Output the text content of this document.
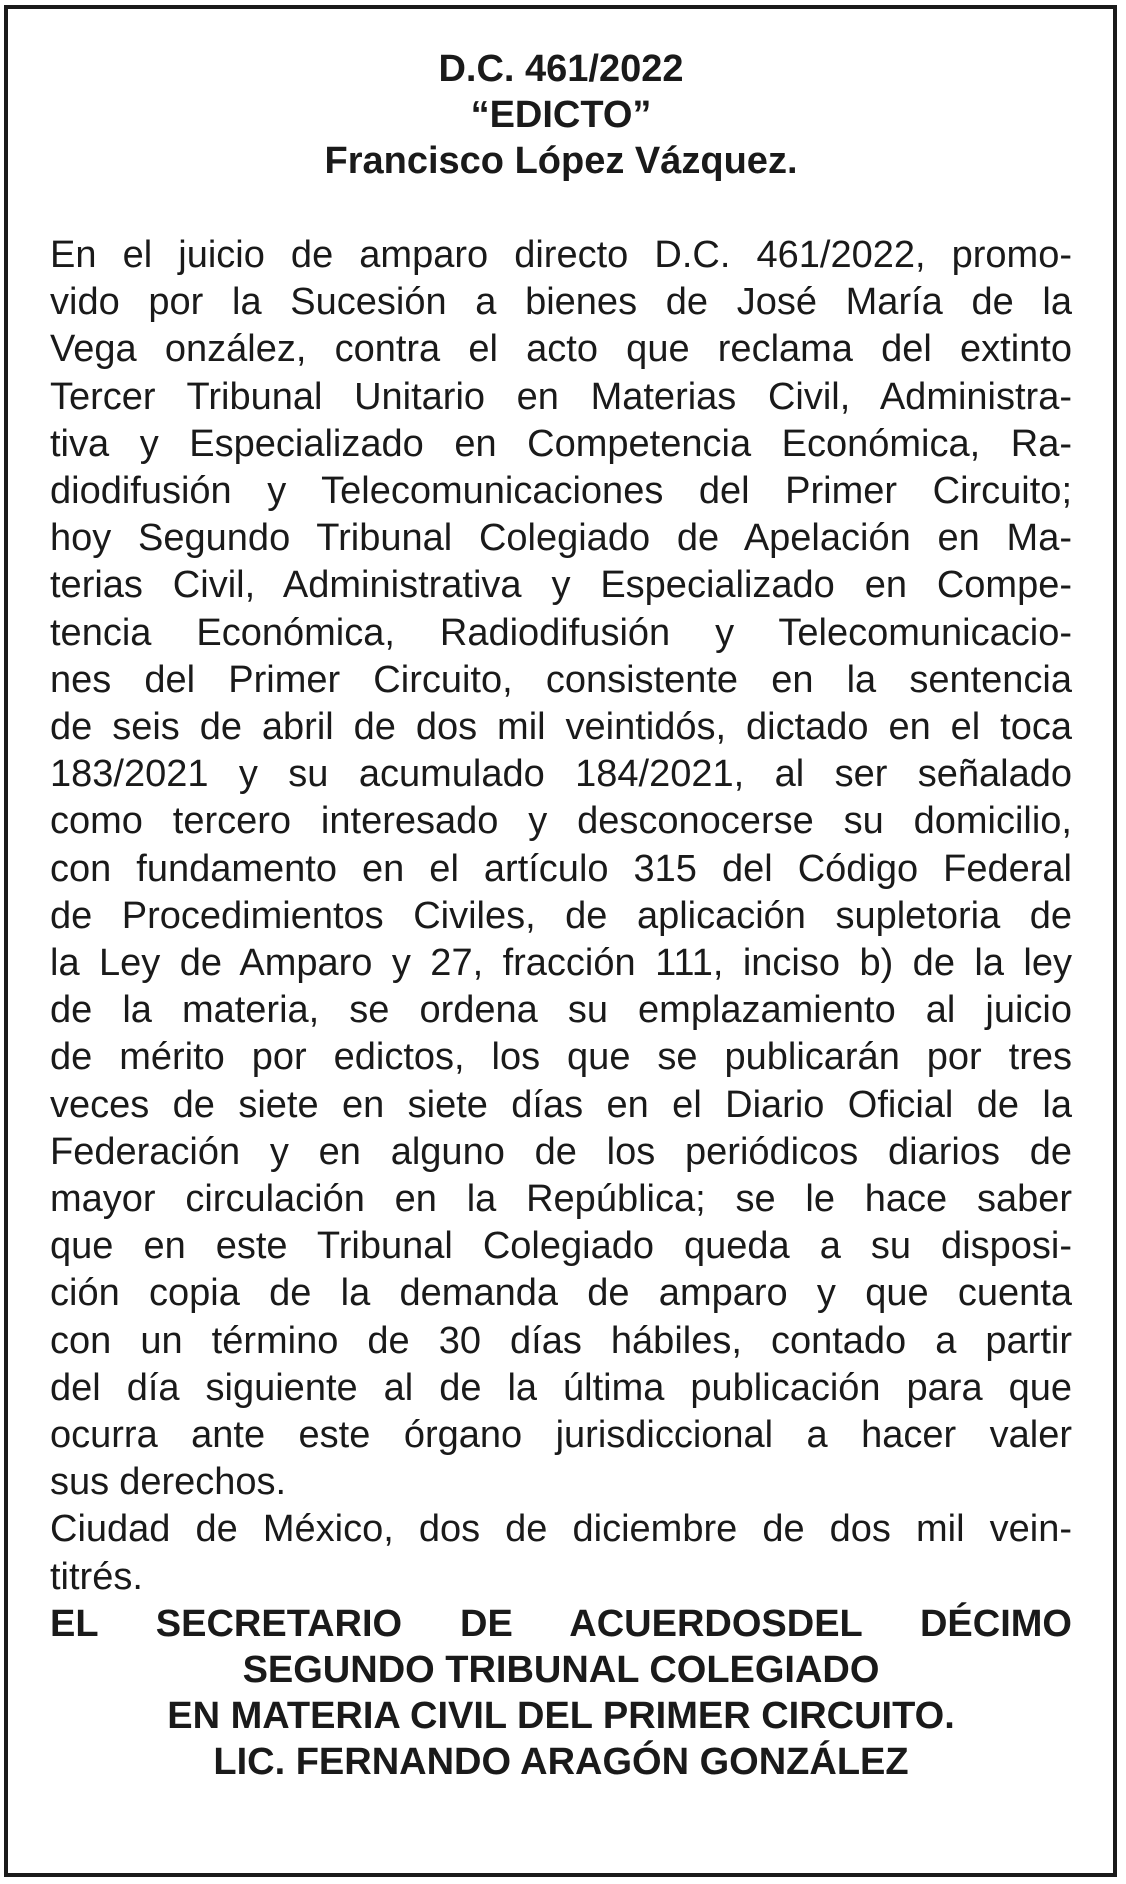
D.C. 461/2022
“EDICTO”
Francisco López Vázquez.
En el juicio de amparo directo D.C. 461/2022, promo-
vido por la Sucesión a bienes de José María de la
Vega onzález, contra el acto que reclama del extinto
Tercer Tribunal Unitario en Materias Civil, Administra-
tiva y Especializado en Competencia Económica, Ra-
diodifusión y Telecomunicaciones del Primer Circuito;
hoy Segundo Tribunal Colegiado de Apelación en Ma-
terias Civil, Administrativa y Especializado en Compe-
tencia Económica, Radiodifusión y Telecomunicacio-
nes del Primer Circuito, consistente en la sentencia
de seis de abril de dos mil veintidós, dictado en el toca
183/2021 y su acumulado 184/2021, al ser señalado
como tercero interesado y desconocerse su domicilio,
con fundamento en el artículo 315 del Código Federal
de Procedimientos Civiles, de aplicación supletoria de
la Ley de Amparo y 27, fracción 111, inciso b) de la ley
de la materia, se ordena su emplazamiento al juicio
de mérito por edictos, los que se publicarán por tres
veces de siete en siete días en el Diario Oficial de la
Federación y en alguno de los periódicos diarios de
mayor circulación en la República; se le hace saber
que en este Tribunal Colegiado queda a su disposi-
ción copia de la demanda de amparo y que cuenta
con un término de 30 días hábiles, contado a partir
del día siguiente al de la última publicación para que
ocurra ante este órgano jurisdiccional a hacer valer
sus derechos.
Ciudad de México, dos de diciembre de dos mil vein-
titrés.
EL SECRETARIO DE ACUERDOSDEL DÉCIMO
SEGUNDO TRIBUNAL COLEGIADO
EN MATERIA CIVIL DEL PRIMER CIRCUITO.
LIC. FERNANDO ARAGÓN GONZÁLEZ
